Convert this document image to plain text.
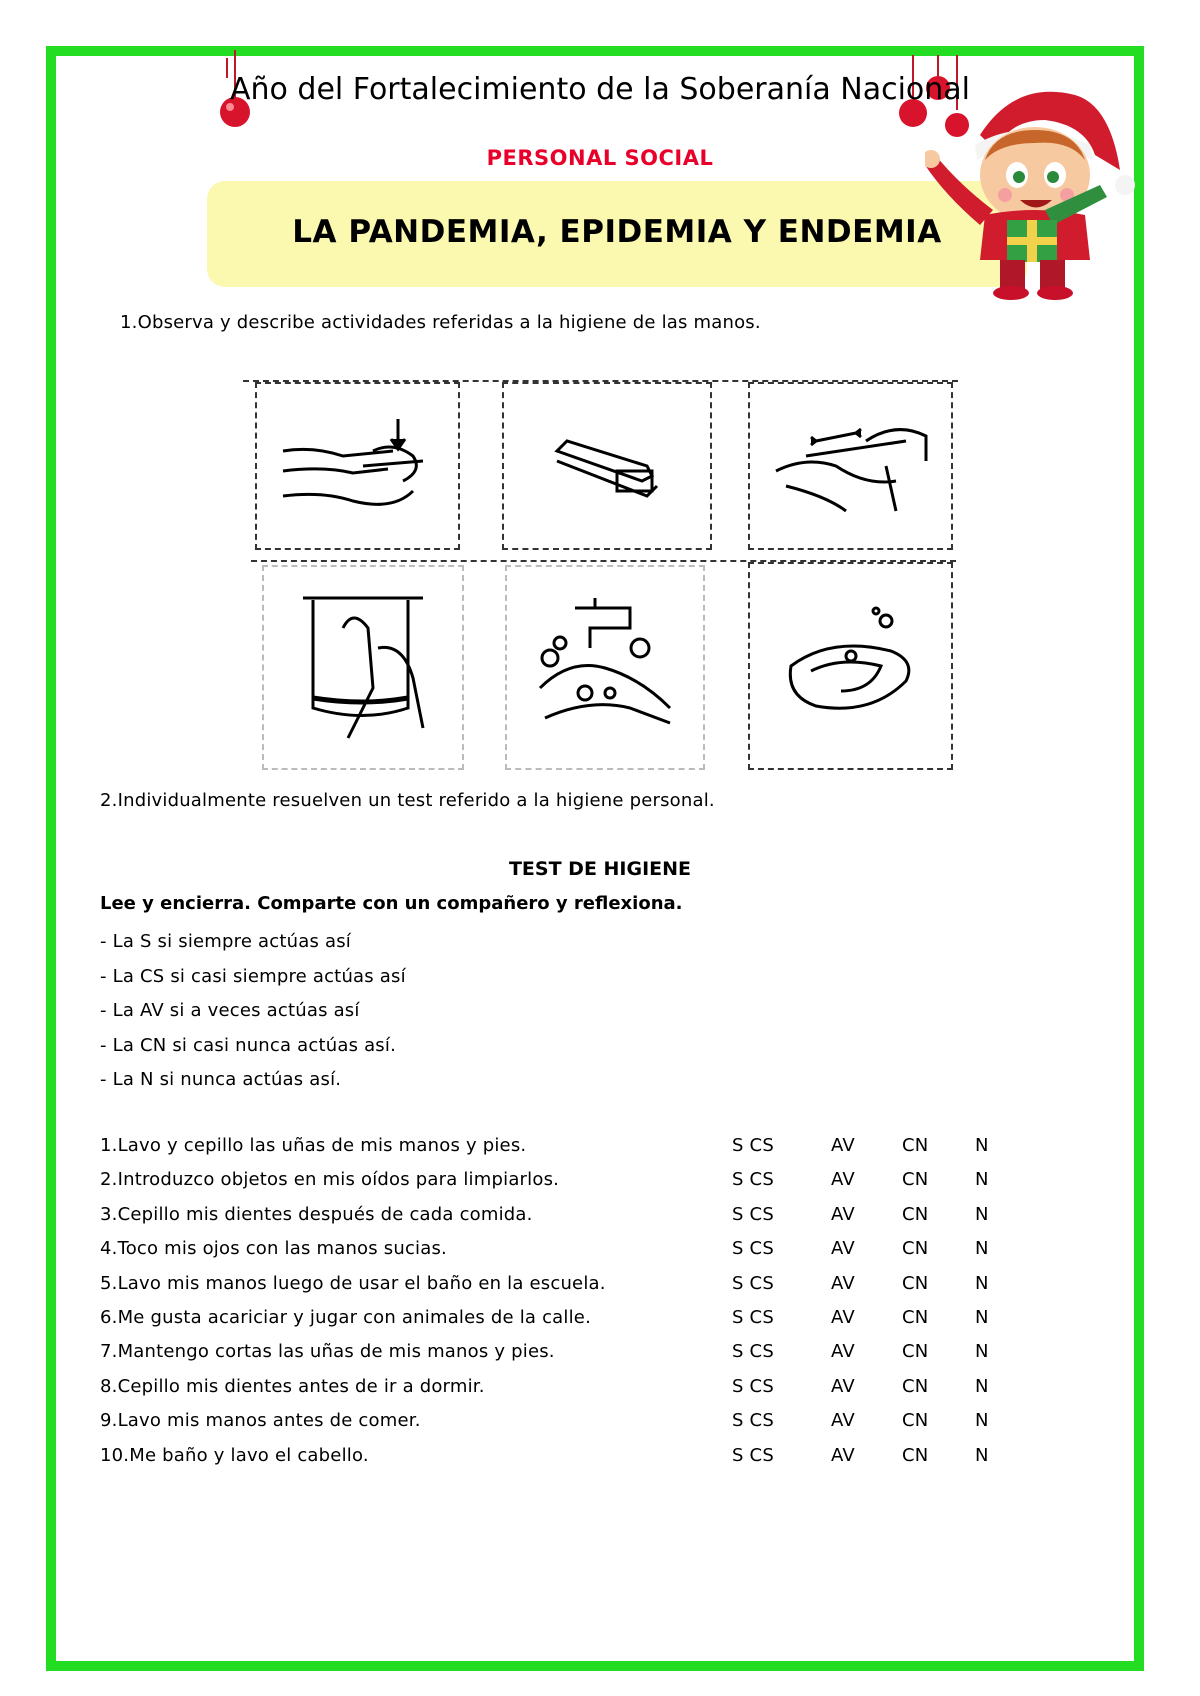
Año del Fortalecimiento de la Soberanía Nacional
PERSONAL SOCIAL
LA PANDEMIA, EPIDEMIA Y ENDEMIA
1.Observa y describe actividades referidas a la higiene de las manos.
2.Individualmente resuelven un test referido a la higiene personal.
TEST DE HIGIENE
Lee y encierra. Comparte con un compañero y reflexiona.
- La S si siempre actúas así
- La CS si casi siempre actúas así
- La AV si a veces actúas así
- La CN si casi nunca actúas así.
- La N si nunca actúas así.
1.Lavo y cepillo las uñas de mis manos y pies.	S CS	AV	CN	N
2.Introduzco objetos en mis oídos para limpiarlos.	S CS	AV	CN	N
3.Cepillo mis dientes después de cada comida.	S CS	AV	CN	N
4.Toco mis ojos con las manos sucias.	S CS	AV	CN	N
5.Lavo mis manos luego de usar el baño en la escuela.	S CS	AV	CN	N
6.Me gusta acariciar y jugar con animales de la calle.	S CS	AV	CN	N
7.Mantengo cortas las uñas de mis manos y pies.	S CS	AV	CN	N
8.Cepillo mis dientes antes de ir a dormir.	S CS	AV	CN	N
9.Lavo mis manos antes de comer.	S CS	AV	CN	N
10.Me baño y lavo el cabello.	S CS	AV	CN	N
